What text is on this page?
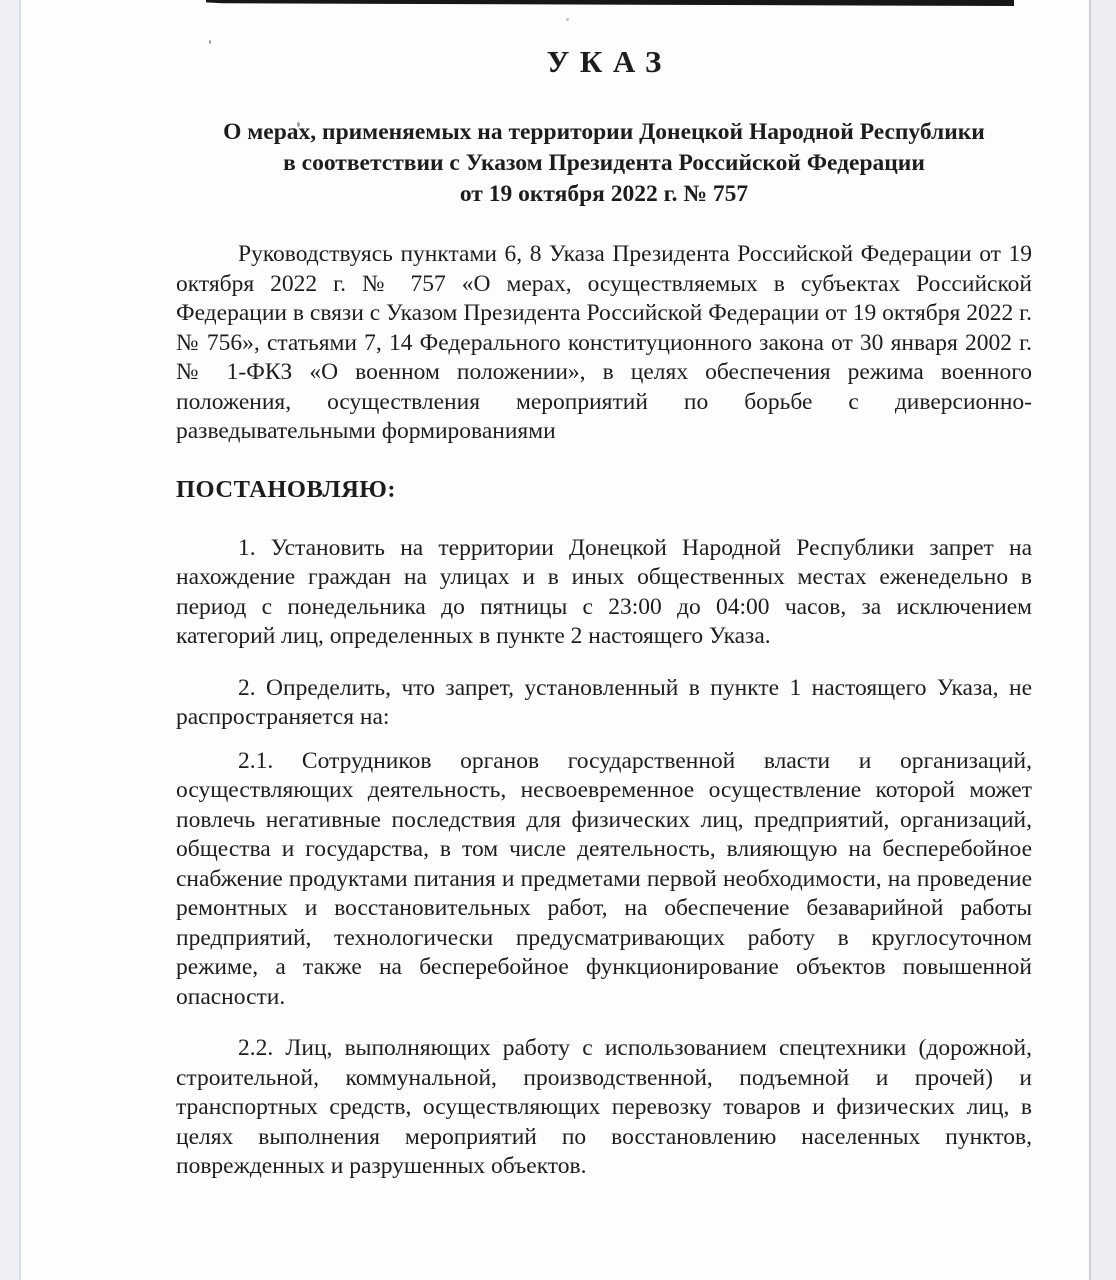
УКАЗ
О мерах, применяемых на территории Донецкой Народной Республики
в соответствии с Указом Президента Российской Федерации
от 19 октября 2022 г. № 757

Руководствуясь пунктами 6, 8 Указа Президента Российской Федерации от 19 октября 2022 г. № 757 «О мерах, осуществляемых в субъектах Российской Федерации в связи с Указом Президента Российской Федерации от 19 октября 2022 г. № 756», статьями 7, 14 Федерального конституционного закона от 30 января 2002 г. № 1-ФКЗ «О военном положении», в целях обеспечения режима военного положения, осуществления мероприятий по борьбе с диверсионно-разведывательными формированиями

ПОСТАНОВЛЯЮ:

1. Установить на территории Донецкой Народной Республики запрет на нахождение граждан на улицах и в иных общественных местах еженедельно в период с понедельника до пятницы с 23:00 до 04:00 часов, за исключением категорий лиц, определенных в пункте 2 настоящего Указа.

2. Определить, что запрет, установленный в пункте 1 настоящего Указа, не распространяется на:

2.1. Сотрудников органов государственной власти и организаций, осуществляющих деятельность, несвоевременное осуществление которой может повлечь негативные последствия для физических лиц, предприятий, организаций, общества и государства, в том числе деятельность, влияющую на бесперебойное снабжение продуктами питания и предметами первой необходимости, на проведение ремонтных и восстановительных работ, на обеспечение безаварийной работы предприятий, технологически предусматривающих работу в круглосуточном режиме, а также на бесперебойное функционирование объектов повышенной опасности.

2.2. Лиц, выполняющих работу с использованием спецтехники (дорожной, строительной, коммунальной, производственной, подъемной и прочей) и транспортных средств, осуществляющих перевозку товаров и физических лиц, в целях выполнения мероприятий по восстановлению населенных пунктов, поврежденных и разрушенных объектов.
